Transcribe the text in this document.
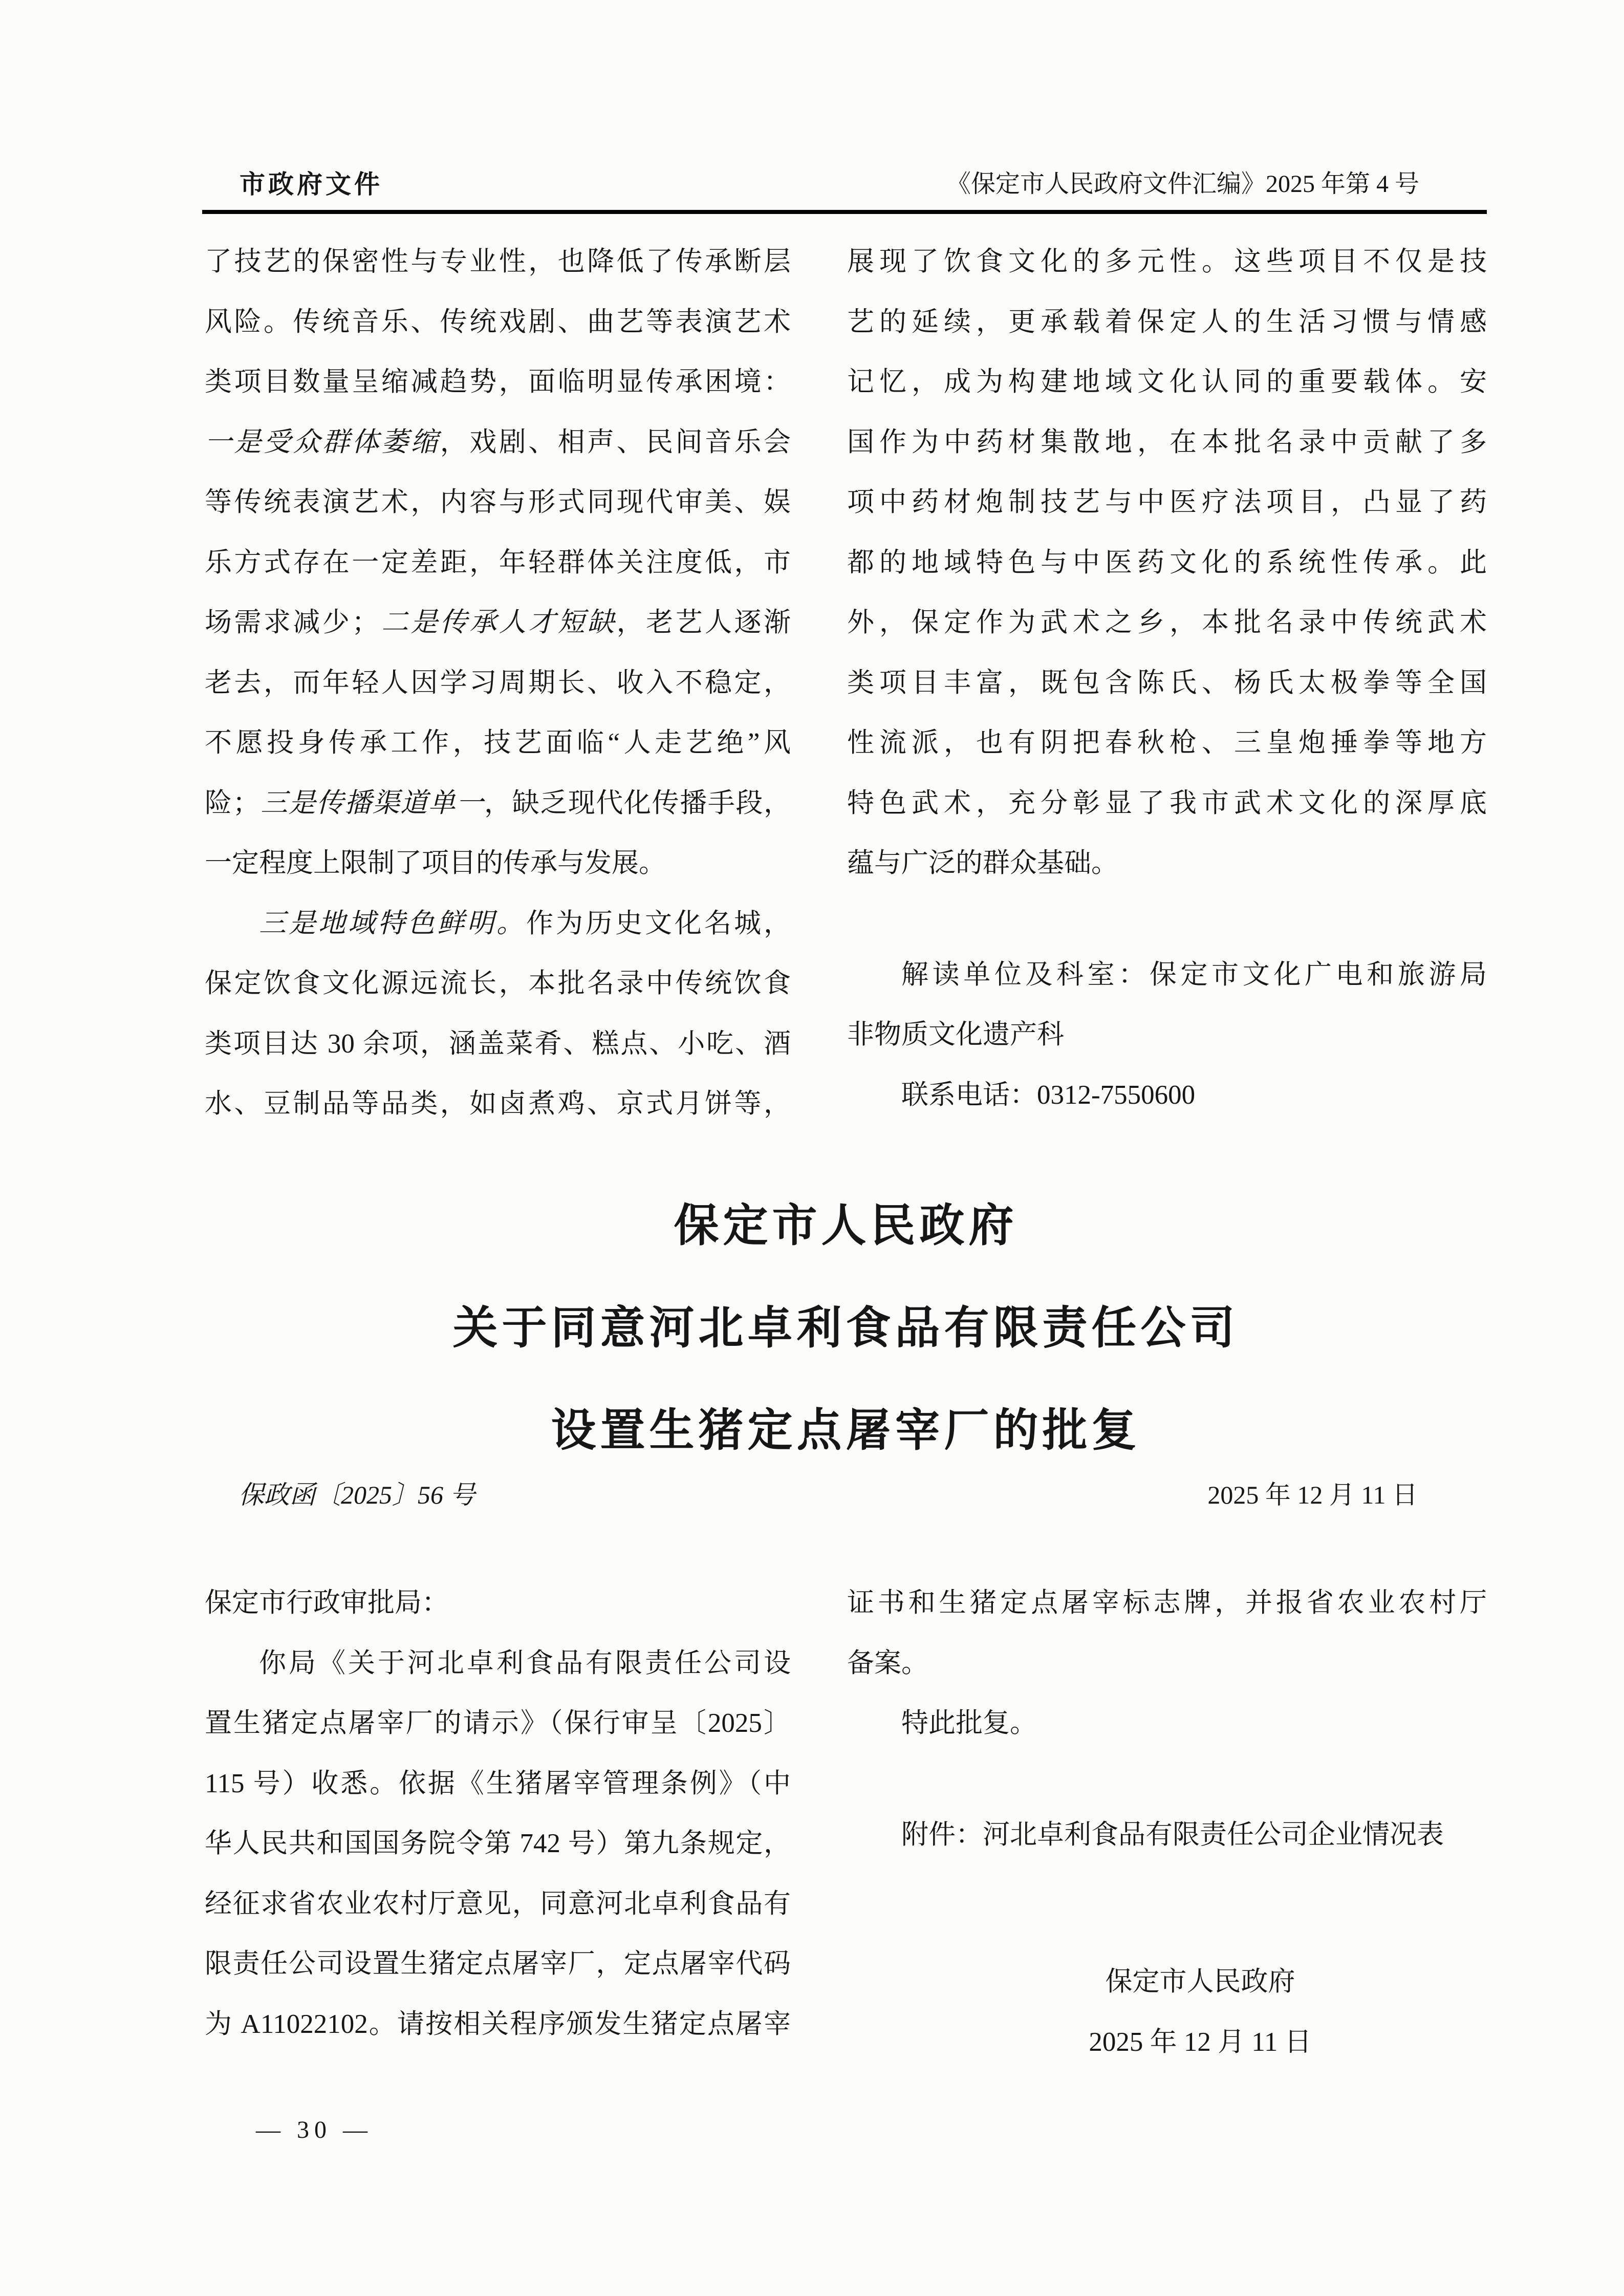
市政府文件	《保定市人民政府文件汇编》2025 年第 4 号
了技艺的保密性与专业性，也降低了传承断层
风险。传统音乐、传统戏剧、曲艺等表演艺术
类项目数量呈缩减趋势，面临明显传承困境：
一是受众群体萎缩，戏剧、相声、民间音乐会
等传统表演艺术，内容与形式同现代审美、娱
乐方式存在一定差距，年轻群体关注度低，市
场需求减少；二是传承人才短缺，老艺人逐渐
老去，而年轻人因学习周期长、收入不稳定，
不愿投身传承工作，技艺面临“人走艺绝”风
险；三是传播渠道单一，缺乏现代化传播手段，
一定程度上限制了项目的传承与发展。
三是地域特色鲜明。作为历史文化名城，
保定饮食文化源远流长，本批名录中传统饮食
类项目达 30 余项，涵盖菜肴、糕点、小吃、酒
水、豆制品等品类，如卤煮鸡、京式月饼等，
展现了饮食文化的多元性。这些项目不仅是技
艺的延续，更承载着保定人的生活习惯与情感
记忆，成为构建地域文化认同的重要载体。安
国作为中药材集散地，在本批名录中贡献了多
项中药材炮制技艺与中医疗法项目，凸显了药
都的地域特色与中医药文化的系统性传承。此
外，保定作为武术之乡，本批名录中传统武术
类项目丰富，既包含陈氏、杨氏太极拳等全国
性流派，也有阴把春秋枪、三皇炮捶拳等地方
特色武术，充分彰显了我市武术文化的深厚底
蕴与广泛的群众基础。
解读单位及科室：保定市文化广电和旅游局
非物质文化遗产科
联系电话：0312-7550600
保定市人民政府
关于同意河北卓利食品有限责任公司
设置生猪定点屠宰厂的批复
保政函〔2025〕56 号	2025 年 12 月 11 日
保定市行政审批局：
你局《关于河北卓利食品有限责任公司设
置生猪定点屠宰厂的请示》（保行审呈〔2025〕
115 号）收悉。依据《生猪屠宰管理条例》（中
华人民共和国国务院令第 742 号）第九条规定，
经征求省农业农村厅意见，同意河北卓利食品有
限责任公司设置生猪定点屠宰厂，定点屠宰代码
为 A11022102。请按相关程序颁发生猪定点屠宰
证书和生猪定点屠宰标志牌，并报省农业农村厅
备案。
特此批复。
附件：河北卓利食品有限责任公司企业情况表
保定市人民政府
2025 年 12 月 11 日
— 30 —
